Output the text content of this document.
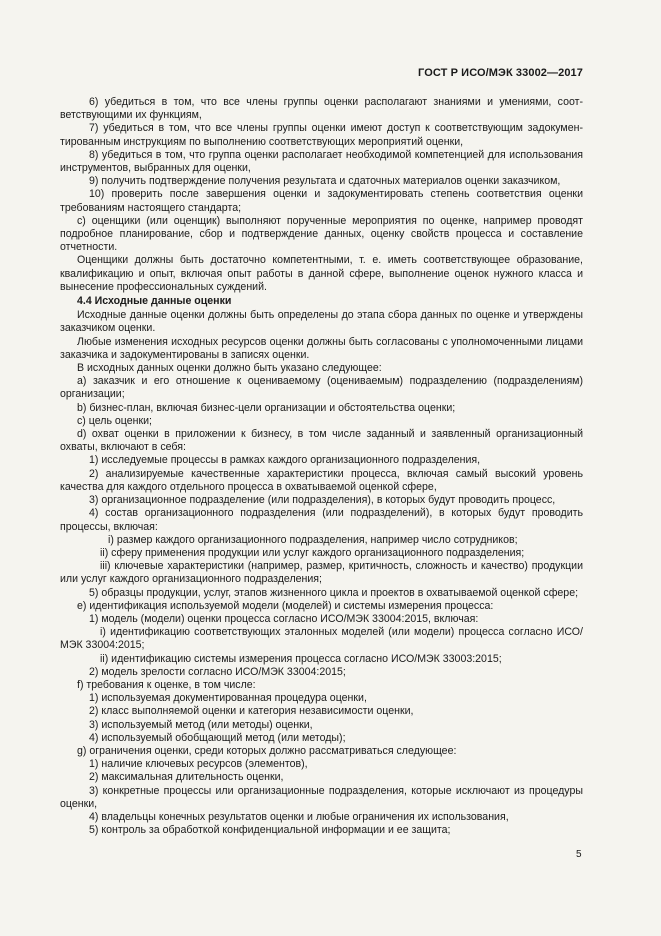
ГОСТ Р ИСО/МЭК 33002—2017

6) убедиться в том, что все члены группы оценки располагают знаниями и умениями, соответствующими их функциям,

7) убедиться в том, что все члены группы оценки имеют доступ к соответствующим задокументированным инструкциям по выполнению соответствующих мероприятий оценки,

8) убедиться в том, что группа оценки располагает необходимой компетенцией для использования инструментов, выбранных для оценки,

9) получить подтверждение получения результата и сдаточных материалов оценки заказчиком,

10) проверить после завершения оценки и задокументировать степень соответствия оценки требованиям настоящего стандарта;

c) оценщики (или оценщик) выполняют порученные мероприятия по оценке, например проводят подробное планирование, сбор и подтверждение данных, оценку свойств процесса и составление отчетности.

Оценщики должны быть достаточно компетентными, т. е. иметь соответствующее образование, квалификацию и опыт, включая опыт работы в данной сфере, выполнение оценок нужного класса и вынесение профессиональных суждений.

4.4 Исходные данные оценки

Исходные данные оценки должны быть определены до этапа сбора данных по оценке и утверждены заказчиком оценки.

Любые изменения исходных ресурсов оценки должны быть согласованы с уполномоченными лицами заказчика и задокументированы в записях оценки.

В исходных данных оценки должно быть указано следующее:

a) заказчик и его отношение к оцениваемому (оцениваемым) подразделению (подразделениям) организации;

b) бизнес-план, включая бизнес-цели организации и обстоятельства оценки;

c) цель оценки;

d) охват оценки в приложении к бизнесу, в том числе заданный и заявленный организационный охваты, включают в себя:

1) исследуемые процессы в рамках каждого организационного подразделения,

2) анализируемые качественные характеристики процесса, включая самый высокий уровень качества для каждого отдельного процесса в охватываемой оценкой сфере,

3) организационное подразделение (или подразделения), в которых будут проводить процесс,

4) состав организационного подразделения (или подразделений), в которых будут проводить процессы, включая:

i) размер каждого организационного подразделения, например число сотрудников;

ii) сферу применения продукции или услуг каждого организационного подразделения;

iii) ключевые характеристики (например, размер, критичность, сложность и качество) продукции или услуг каждого организационного подразделения;

5) образцы продукции, услуг, этапов жизненного цикла и проектов в охватываемой оценкой сфере;

e) идентификация используемой модели (моделей) и системы измерения процесса:

1) модель (модели) оценки процесса согласно ИСО/МЭК 33004:2015, включая:

i) идентификацию соответствующих эталонных моделей (или модели) процесса согласно ИСО/МЭК 33004:2015;

ii) идентификацию системы измерения процесса согласно ИСО/МЭК 33003:2015;

2) модель зрелости согласно ИСО/МЭК 33004:2015;

f) требования к оценке, в том числе:

1) используемая документированная процедура оценки,

2) класс выполняемой оценки и категория независимости оценки,

3) используемый метод (или методы) оценки,

4) используемый обобщающий метод (или методы);

g) ограничения оценки, среди которых должно рассматриваться следующее:

1) наличие ключевых ресурсов (элементов),

2) максимальная длительность оценки,

3) конкретные процессы или организационные подразделения, которые исключают из процедуры оценки,

4) владельцы конечных результатов оценки и любые ограничения их использования,

5) контроль за обработкой конфиденциальной информации и ее защита;

5
